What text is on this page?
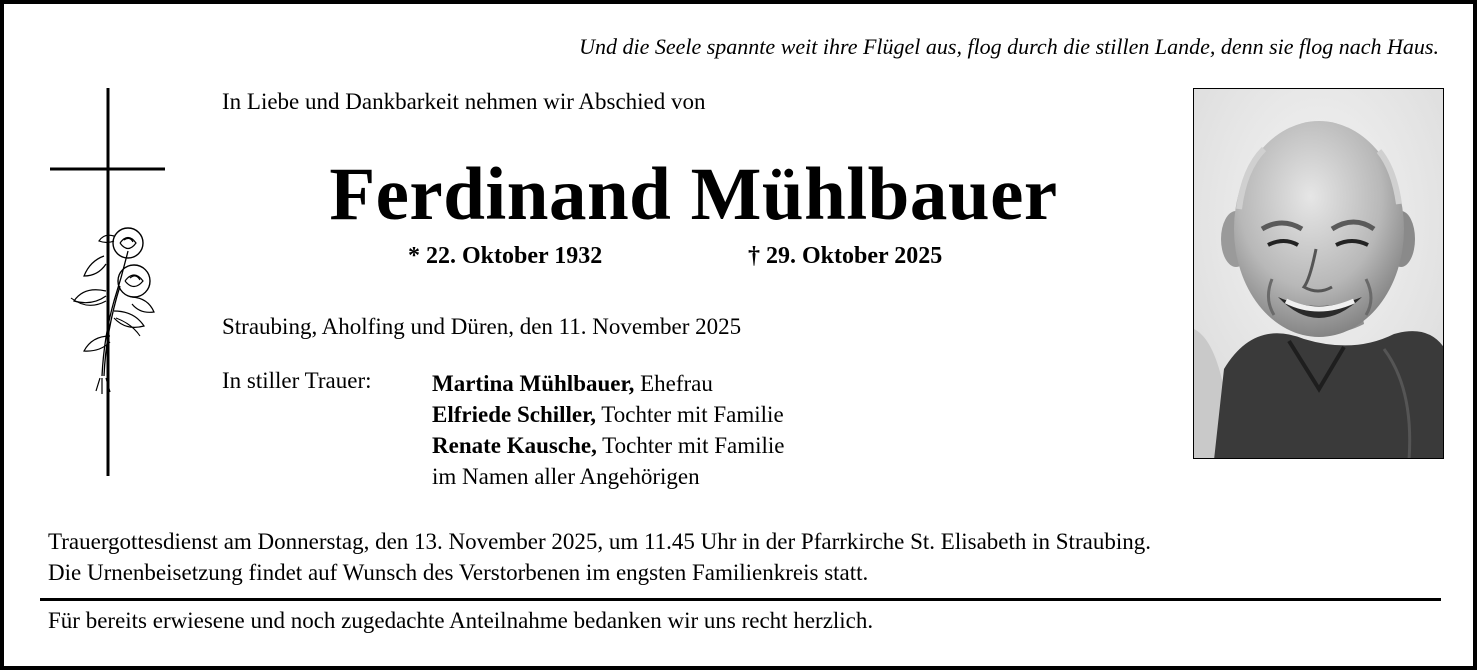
Und die Seele spannte weit ihre Flügel aus, flog durch die stillen Lande, denn sie flog nach Haus.
In Liebe und Dankbarkeit nehmen wir Abschied von
Ferdinand Mühlbauer
* 22. Oktober 1932	† 29. Oktober 2025
Straubing, Aholfing und Düren, den 11. November 2025
In stiller Trauer:	Martina Mühlbauer, Ehefrau
Elfriede Schiller, Tochter mit Familie
Renate Kausche, Tochter mit Familie
im Namen aller Angehörigen
Trauergottesdienst am Donnerstag, den 13. November 2025, um 11.45 Uhr in der Pfarrkirche St. Elisabeth in Straubing.
Die Urnenbeisetzung findet auf Wunsch des Verstorbenen im engsten Familienkreis statt.
Für bereits erwiesene und noch zugedachte Anteilnahme bedanken wir uns recht herzlich.
